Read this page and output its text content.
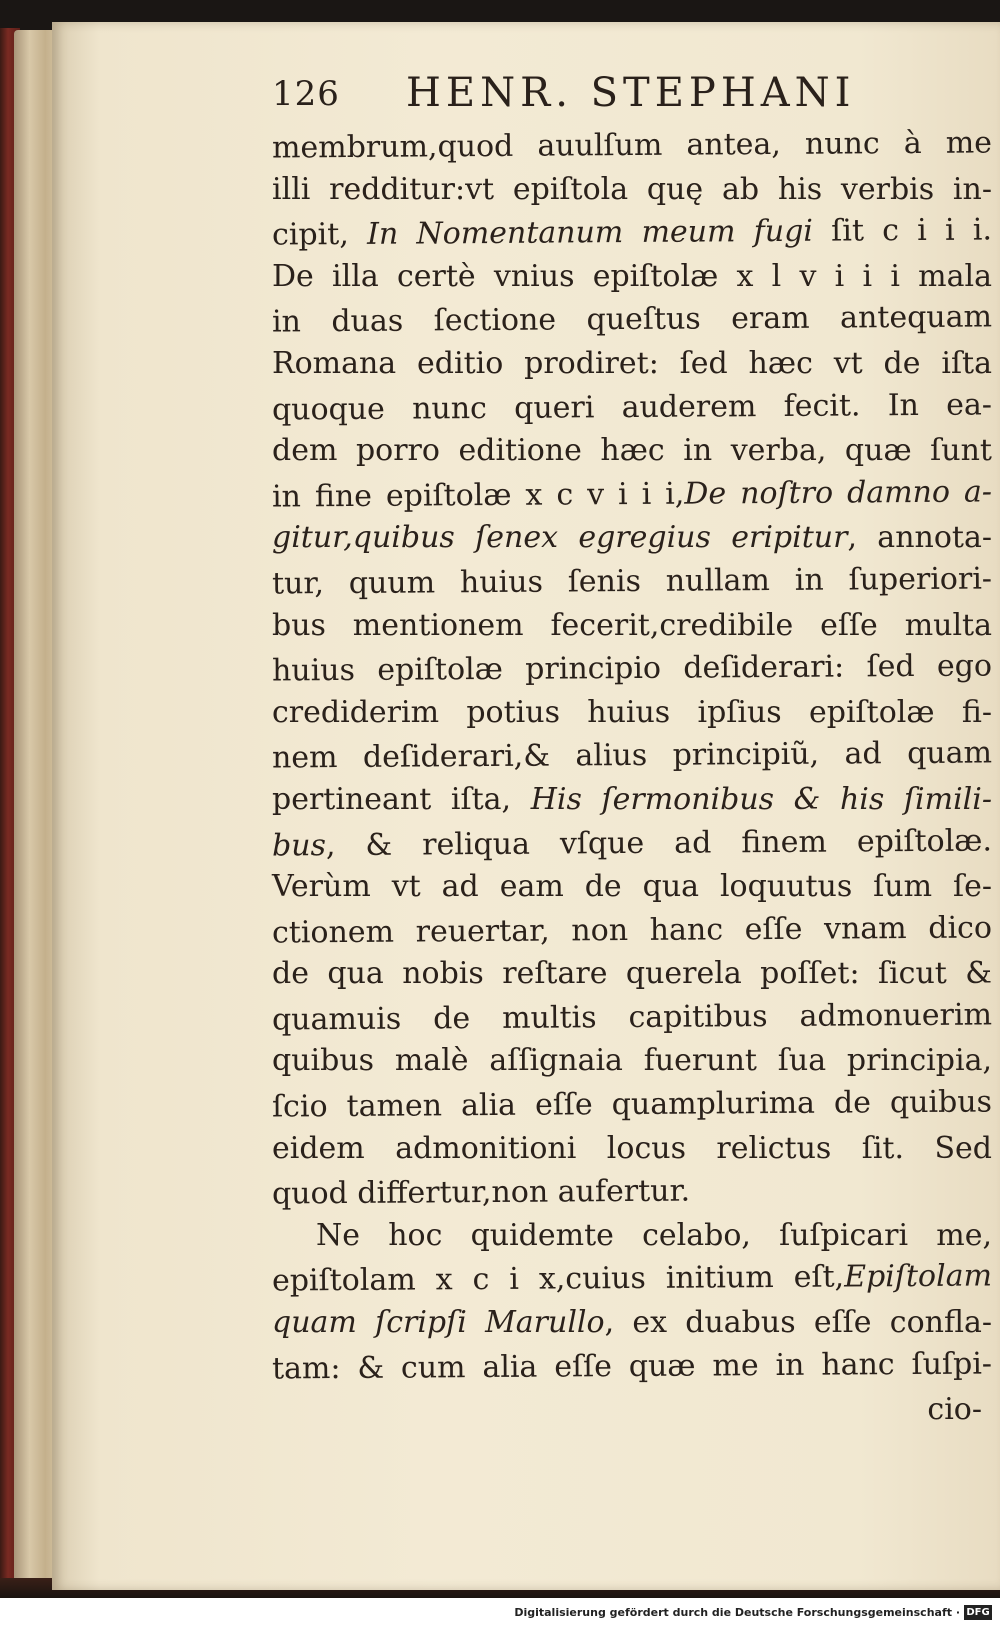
126 HENR. STEPHANI
membrum,quod auulſum antea, nunc à me
illi redditur:vt epiſtola quę ab his verbis in-
cipit, In Nomentanum meum fugi ſit c i i i.
De illa certè vnius epiſtolæ x l v i i i mala
in duas ſectione queſtus eram antequam
Romana editio prodiret: ſed hæc vt de iſta
quoque nunc queri auderem fecit. In ea-
dem porro editione hæc in verba, quæ ſunt
in fine epiſtolæ x c v i i i,De noſtro damno a-
gitur,quibus ſenex egregius eripitur, annota-
tur, quum huius ſenis nullam in ſuperiori-
bus mentionem fecerit,credibile eſſe multa
huius epiſtolæ principio deſiderari: ſed ego
crediderim potius huius ipſius epiſtolæ fi-
nem deſiderari,& alius principiũ, ad quam
pertineant iſta, His ſermonibus & his ſimili-
bus, & reliqua vſque ad finem epiſtolæ.
Verùm vt ad eam de qua loquutus ſum ſe-
ctionem reuertar, non hanc eſſe vnam dico
de qua nobis reſtare querela poſſet: ſicut &
quamuis de multis capitibus admonuerim
quibus malè aſſignaia fuerunt ſua principia,
ſcio tamen alia eſſe quamplurima de quibus
eidem admonitioni locus relictus ſit. Sed
quod differtur,non aufertur.
Ne hoc quidemte celabo, ſuſpicari me,
epiſtolam x c i x,cuius initium eſt,Epiſtolam
quam ſcripſi Marullo, ex duabus eſſe confla-
tam: & cum alia eſſe quæ me in hanc ſuſpi-
cio-
Digitalisierung gefördert durch die Deutsche Forschungsgemeinschaft · DFG
